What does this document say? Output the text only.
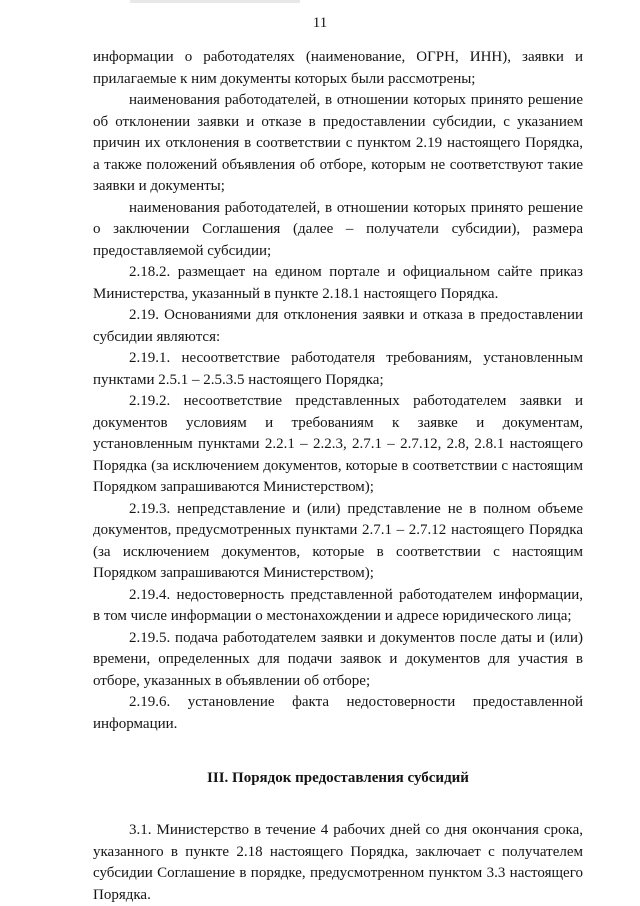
11

информации о работодателях (наименование, ОГРН, ИНН), заявки и прилагаемые к ним документы которых были рассмотрены;

наименования работодателей, в отношении которых принято решение об отклонении заявки и отказе в предоставлении субсидии, с указанием причин их отклонения в соответствии с пунктом 2.19 настоящего Порядка, а также положений объявления об отборе, которым не соответствуют такие заявки и документы;

наименования работодателей, в отношении которых принято решение о заключении Соглашения (далее – получатели субсидии), размера предоставляемой субсидии;

2.18.2. размещает на едином портале и официальном сайте приказ Министерства, указанный в пункте 2.18.1 настоящего Порядка.

2.19. Основаниями для отклонения заявки и отказа в предоставлении субсидии являются:

2.19.1. несоответствие работодателя требованиям, установленным пунктами 2.5.1 – 2.5.3.5 настоящего Порядка;

2.19.2. несоответствие представленных работодателем заявки и документов условиям и требованиям к заявке и документам, установленным пунктами 2.2.1 – 2.2.3, 2.7.1 – 2.7.12, 2.8, 2.8.1 настоящего Порядка (за исключением документов, которые в соответствии с настоящим Порядком запрашиваются Министерством);

2.19.3. непредставление и (или) представление не в полном объеме документов, предусмотренных пунктами 2.7.1 – 2.7.12 настоящего Порядка (за исключением документов, которые в соответствии с настоящим Порядком запрашиваются Министерством);

2.19.4. недостоверность представленной работодателем информации, в том числе информации о местонахождении и адресе юридического лица;

2.19.5. подача работодателем заявки и документов после даты и (или) времени, определенных для подачи заявок и документов для участия в отборе, указанных в объявлении об отборе;

2.19.6. установление факта недостоверности предоставленной информации.

III. Порядок предоставления субсидий

3.1. Министерство в течение 4 рабочих дней со дня окончания срока, указанного в пункте 2.18 настоящего Порядка, заключает с получателем субсидии Соглашение в порядке, предусмотренном пунктом 3.3 настоящего Порядка.
